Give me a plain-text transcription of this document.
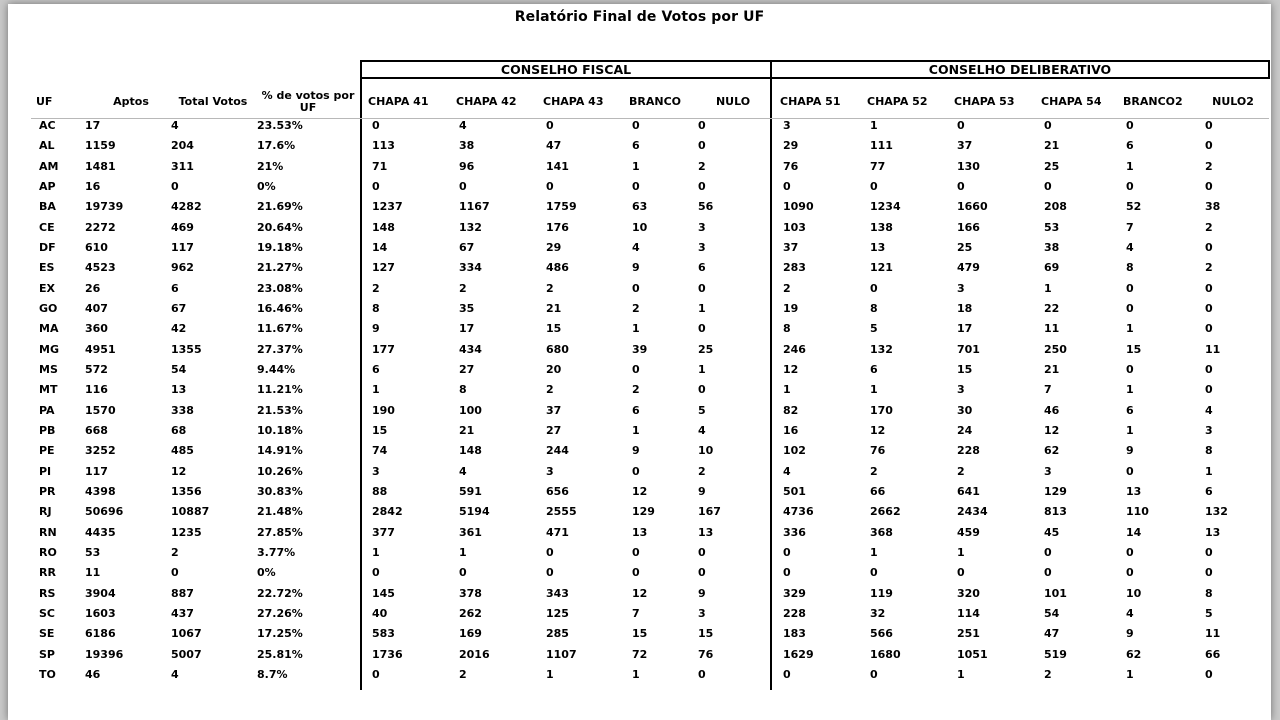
Relatório Final de Votos por UF
CONSELHO FISCAL	CONSELHO DELIBERATIVO
UF	Aptos	Total Votos	% de votos por UF	CHAPA 41	CHAPA 42	CHAPA 43	BRANCO	NULO	CHAPA 51	CHAPA 52	CHAPA 53	CHAPA 54	BRANCO2	NULO2
AC	17	4	23.53%	0	4	0	0	0	3	1	0	0	0	0
AL	1159	204	17.6%	113	38	47	6	0	29	111	37	21	6	0
AM 1481	311	21%	71	96	141	1	2	76	77	130	25	1	2
AP	16	0	0%	0	0	0	0	0	0	0	0	0	0	0
BA	19739	4282	21.69%	1237	1167	1759	63	56	1090	1234	1660	208	52	38
CE	2272	469	20.64%	148	132	176	10	3	103	138	166	53	7	2
DF	610	117	19.18%	14	67	29	4	3	37	13	25	38	4	0
ES	4523	962	21.27%	127	334	486	9	6	283	121	479	69	8	2
EX	26	6	23.08%	2	2	2	0	0	2	0	3	1	0	0
GO	407	67	16.46%	8	35	21	2	1	19	8	18	22	0	0
MA 360	42	11.67%	9	17	15	1	0	8	5	17	11	1	0
MG 4951	1355	27.37%	177	434	680	39	25	246	132	701	250	15	11
MS 572	54	9.44%	6	27	20	0	1	12	6	15	21	0	0
MT	116	13	11.21%	1	8	2	2	0	1	1	3	7	1	0
PA	1570	338	21.53%	190	100	37	6	5	82	170	30	46	6	4
PB	668	68	10.18%	15	21	27	1	4	16	12	24	12	1	3
PE	3252	485	14.91%	74	148	244	9	10	102	76	228	62	9	8
PI	117	12	10.26%	3	4	3	0	2	4	2	2	3	0	1
PR	4398	1356	30.83%	88	591	656	12	9	501	66	641	129	13	6
RJ	50696	10887	21.48%	2842	5194	2555	129	167	4736	2662	2434	813	110	132
RN	4435	1235	27.85%	377	361	471	13	13	336	368	459	45	14	13
RO	53	2	3.77%	1	1	0	0	0	0	1	1	0	0	0
RR	11	0	0%	0	0	0	0	0	0	0	0	0	0	0
RS	3904	887	22.72%	145	378	343	12	9	329	119	320	101	10	8
SC	1603	437	27.26%	40	262	125	7	3	228	32	114	54	4	5
SE	6186	1067	17.25%	583	169	285	15	15	183	566	251	47	9	11
SP	19396	5007	25.81%	1736	2016	1107	72	76	1629	1680	1051	519	62	66
TO	46	4	8.7%	0	2	1	1	0	0	0	1	2	1	0
